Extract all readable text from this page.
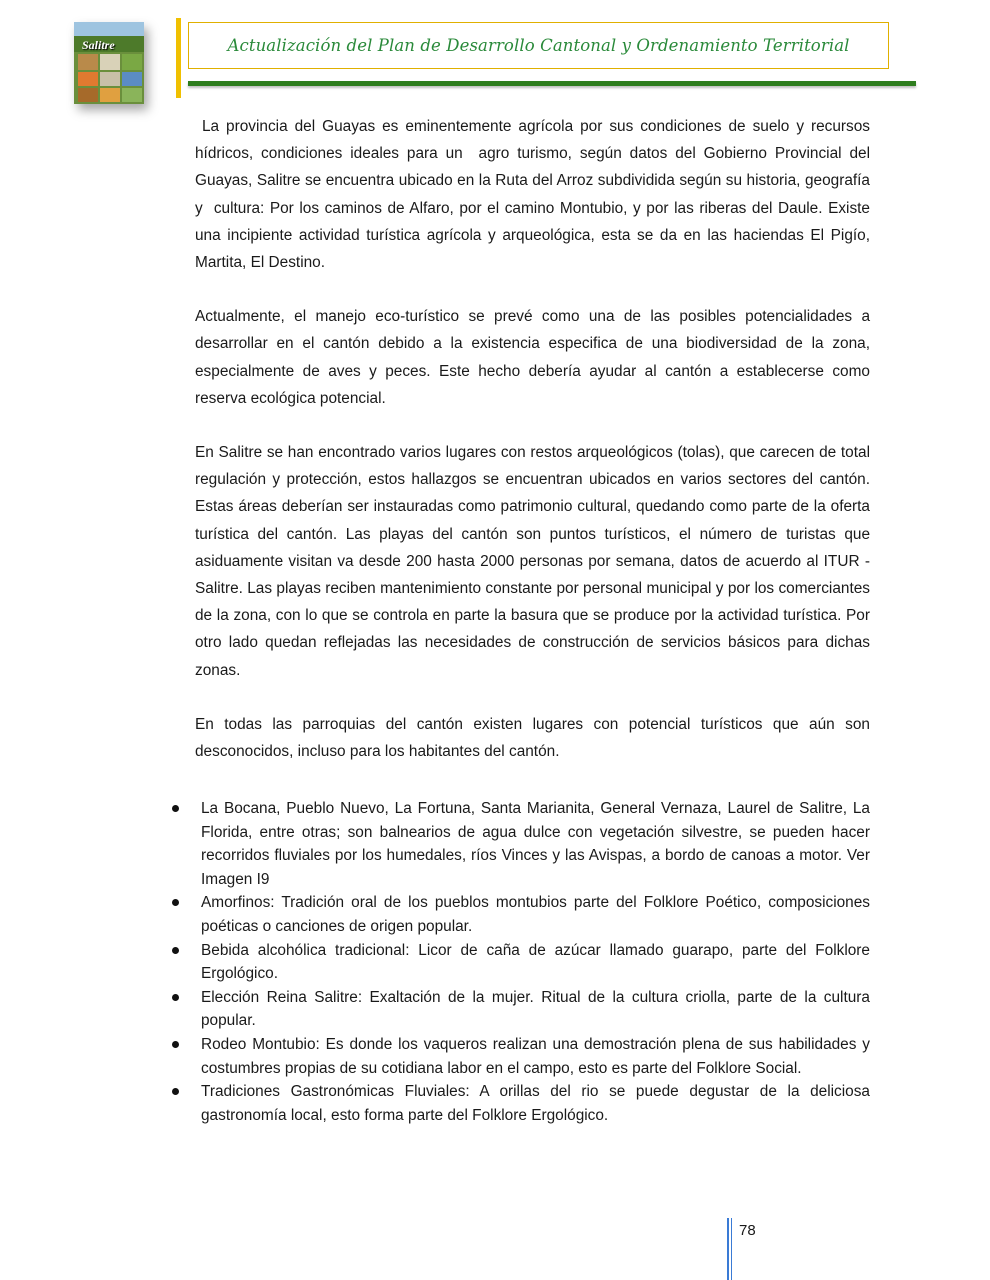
Salitre	Actualización del Plan de Desarrollo Cantonal y Ordenamiento Territorial

La provincia del Guayas es eminentemente agrícola por sus condiciones de suelo y recursos hídricos, condiciones ideales para un  agro turismo, según datos del Gobierno Provincial del Guayas, Salitre se encuentra ubicado en la Ruta del Arroz subdividida según su historia, geografía y  cultura: Por los caminos de Alfaro, por el camino Montubio, y por las riberas del Daule. Existe una incipiente actividad turística agrícola y arqueológica, esta se da en las haciendas El Pigío, Martita, El Destino.

Actualmente, el manejo eco-turístico se prevé como una de las posibles potencialidades a desarrollar en el cantón debido a la existencia especifica de una biodiversidad de la zona, especialmente de aves y peces. Este hecho debería ayudar al cantón a establecerse como reserva ecológica potencial.

En Salitre se han encontrado varios lugares con restos arqueológicos (tolas), que carecen de total regulación y protección, estos hallazgos se encuentran ubicados en varios sectores del cantón. Estas áreas deberían ser instauradas como patrimonio cultural, quedando como parte de la oferta turística del cantón. Las playas del cantón son puntos turísticos, el número de turistas que asiduamente visitan va desde 200 hasta 2000 personas por semana, datos de acuerdo al ITUR - Salitre. Las playas reciben mantenimiento constante por personal municipal y por los comerciantes de la zona, con lo que se controla en parte la basura que se produce por la actividad turística. Por otro lado quedan reflejadas las necesidades de construcción de servicios básicos para dichas zonas.

En todas las parroquias del cantón existen lugares con potencial turísticos que aún son desconocidos, incluso para los habitantes del cantón.

La Bocana, Pueblo Nuevo, La Fortuna, Santa Marianita, General Vernaza, Laurel de Salitre, La Florida, entre otras; son balnearios de agua dulce con vegetación silvestre, se pueden hacer recorridos fluviales por los humedales, ríos Vinces y las Avispas, a bordo de canoas a motor. Ver Imagen I9
Amorfinos: Tradición oral de los pueblos montubios parte del Folklore Poético, composiciones poéticas o canciones de origen popular.
Bebida alcohólica tradicional: Licor de caña de azúcar llamado guarapo, parte del Folklore Ergológico.
Elección Reina Salitre: Exaltación de la mujer. Ritual de la cultura criolla, parte de la cultura popular.
Rodeo Montubio: Es donde los vaqueros realizan una demostración plena de sus habilidades y costumbres propias de su cotidiana labor en el campo, esto es parte del Folklore Social.
Tradiciones Gastronómicas Fluviales: A orillas del rio se puede degustar de la deliciosa gastronomía local, esto forma parte del Folklore Ergológico.
78
